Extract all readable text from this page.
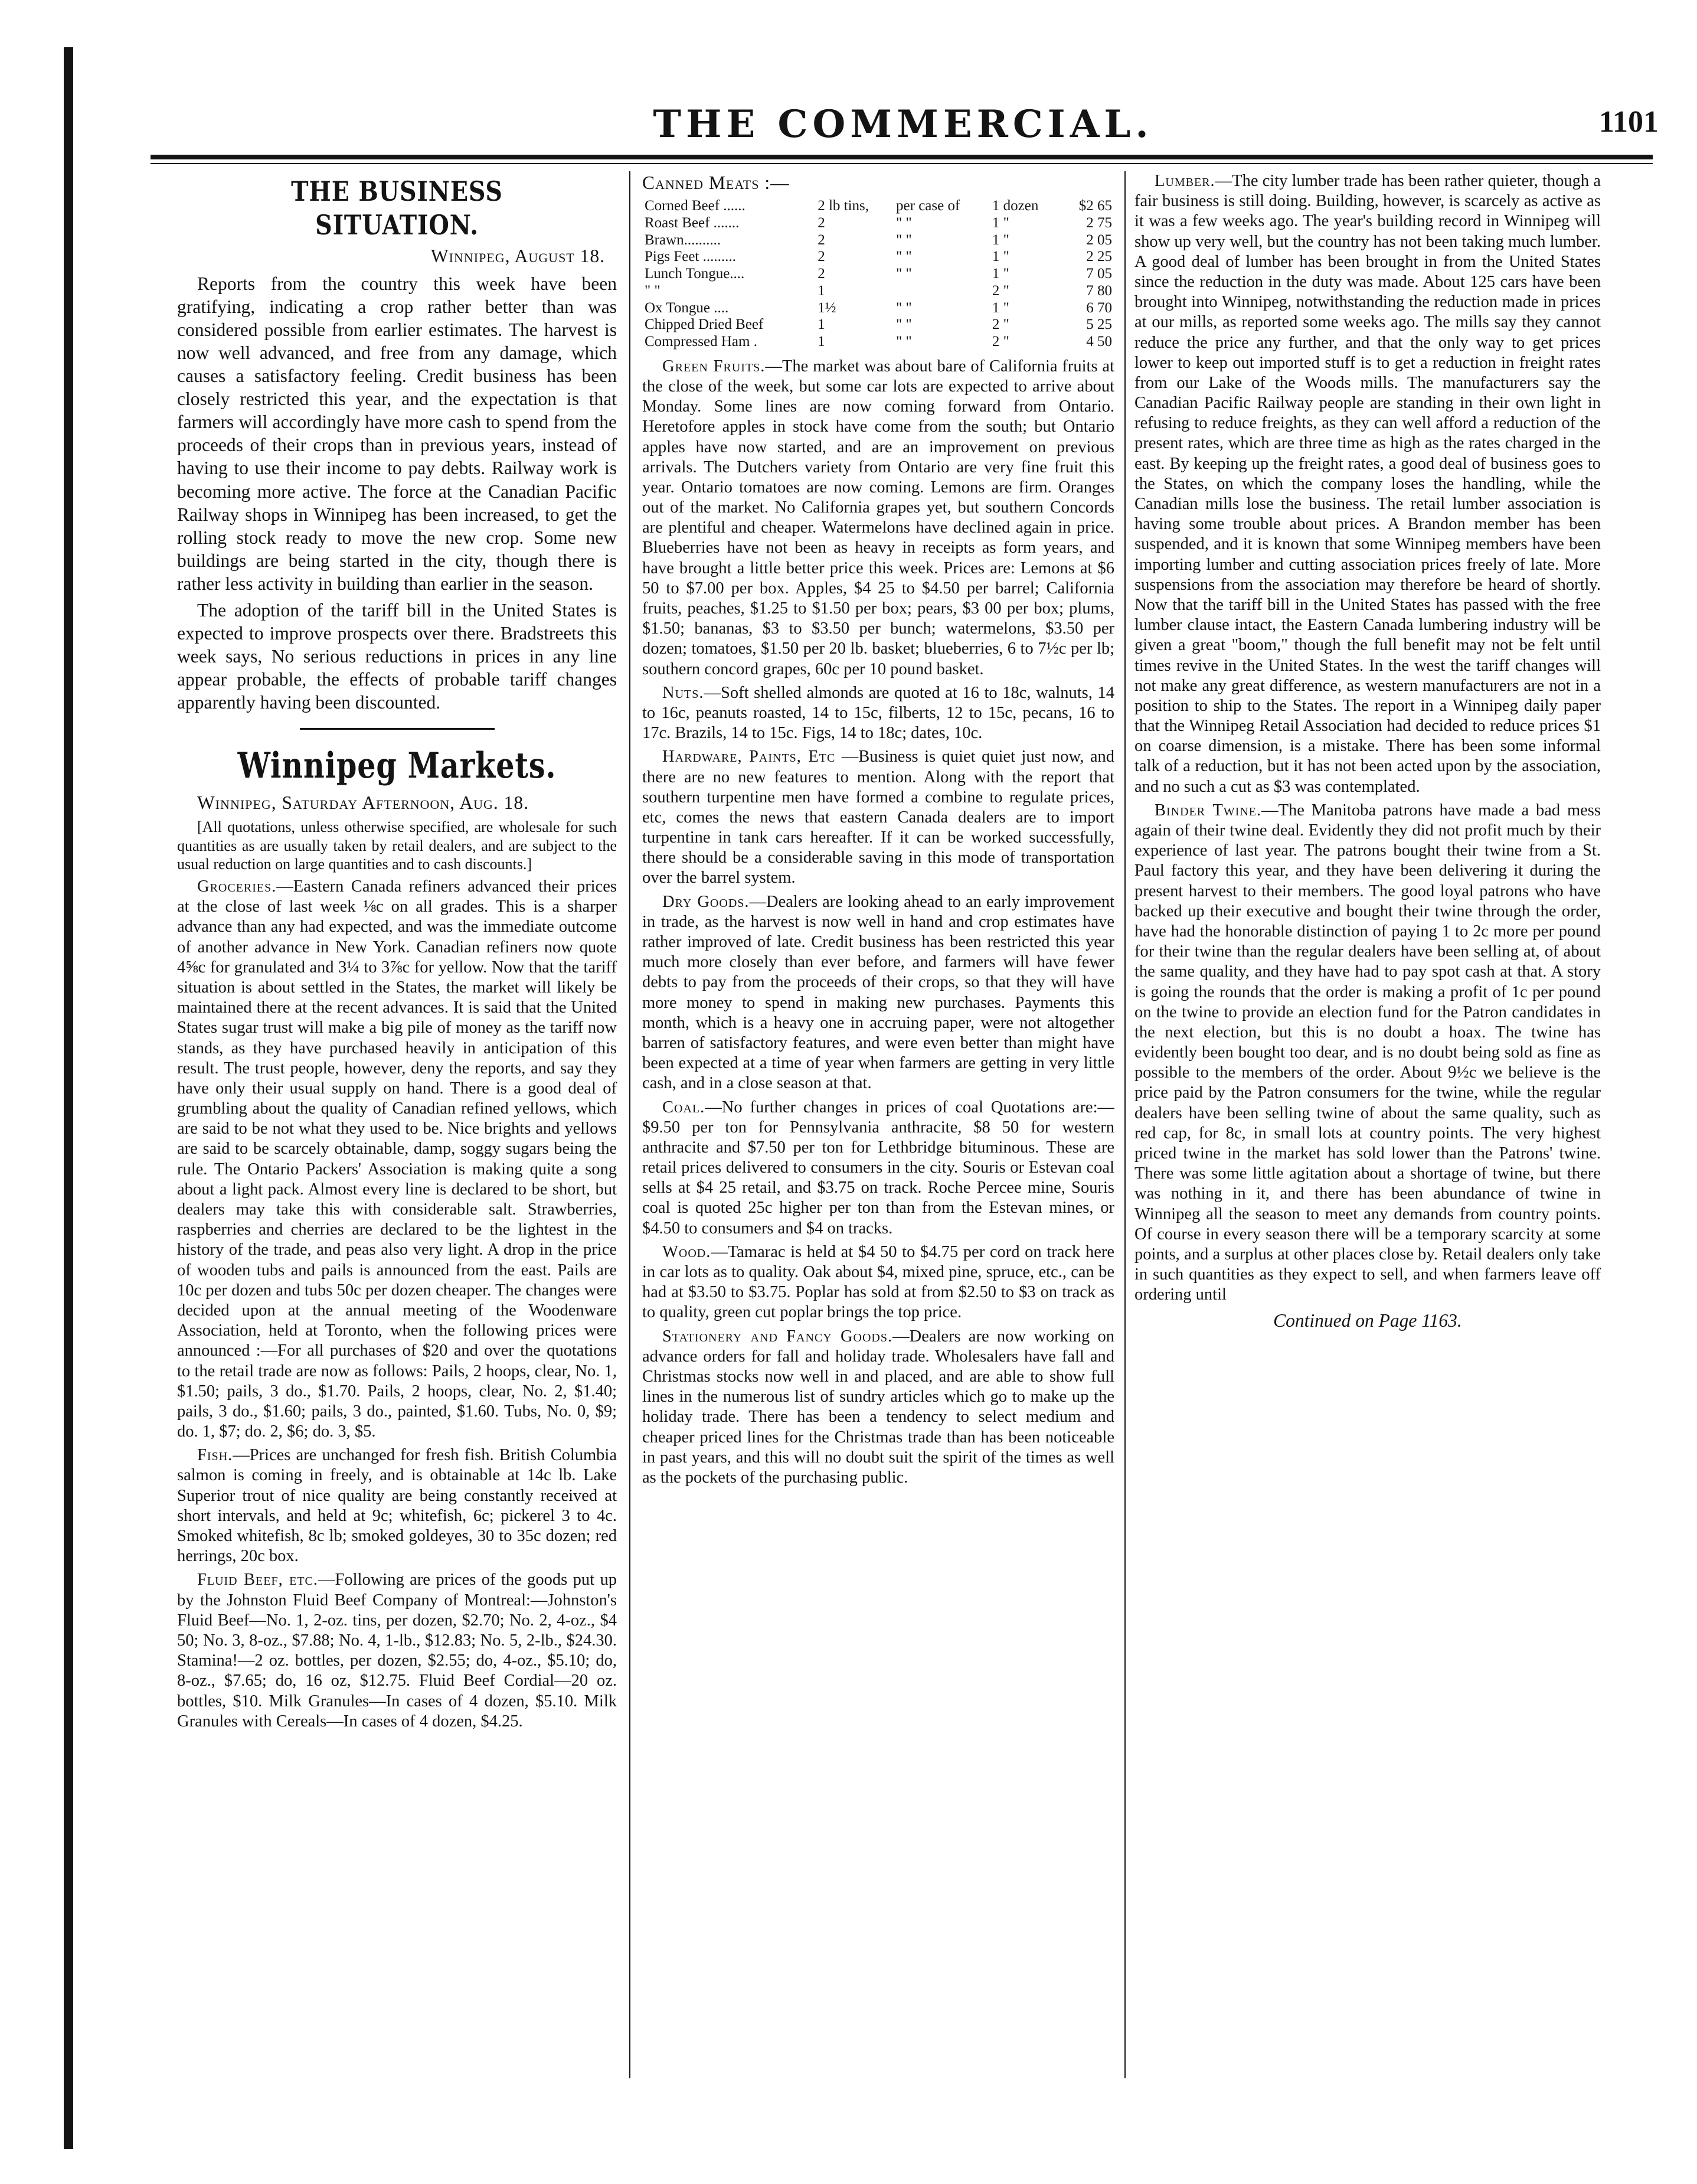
THE COMMERCIAL.	1101
THE BUSINESS SITUATION.
Winnipeg, August 18.

Reports from the country this week have been gratifying, indicating a crop rather better than was considered possible from earlier estimates. The harvest is now well advanced, and free from any damage, which causes a satisfactory feeling. Credit business has been closely restricted this year, and the expectation is that farmers will accordingly have more cash to spend from the proceeds of their crops than in previous years, instead of having to use their income to pay debts. Railway work is becoming more active. The force at the Canadian Pacific Railway shops in Winnipeg has been increased, to get the rolling stock ready to move the new crop. Some new buildings are being started in the city, though there is rather less activity in building than earlier in the season.

The adoption of the tariff bill in the United States is expected to improve prospects over there. Bradstreets this week says, No serious reductions in prices in any line appear probable, the effects of probable tariff changes apparently having been discounted.

Winnipeg Markets.

Winnipeg, Saturday Afternoon, Aug. 18.

[All quotations, unless otherwise specified, are wholesale for such quantities as are usually taken by retail dealers, and are subject to the usual reduction on large quantities and to cash discounts.]

Groceries.—Eastern Canada refiners advanced their prices at the close of last week ⅛c on all grades. This is a sharper advance than any had expected, and was the immediate outcome of another advance in New York. Canadian refiners now quote 4⅝c for granulated and 3¼ to 3⅞c for yellow. Now that the tariff situation is about settled in the States, the market will likely be maintained there at the recent advances. It is said that the United States sugar trust will make a big pile of money as the tariff now stands, as they have purchased heavily in anticipation of this result. The trust people, however, deny the reports, and say they have only their usual supply on hand. There is a good deal of grumbling about the quality of Canadian refined yellows, which are said to be not what they used to be. Nice brights and yellows are said to be scarcely obtainable, damp, soggy sugars being the rule. The Ontario Packers' Association is making quite a song about a light pack. Almost every line is declared to be short, but dealers may take this with considerable salt. Strawberries, raspberries and cherries are declared to be the lightest in the history of the trade, and peas also very light. A drop in the price of wooden tubs and pails is announced from the east. Pails are 10c per dozen and tubs 50c per dozen cheaper. The changes were decided upon at the annual meeting of the Woodenware Association, held at Toronto, when the following prices were announced :—For all purchases of $20 and over the quotations to the retail trade are now as follows: Pails, 2 hoops, clear, No. 1, $1.50; pails, 3 do., $1.70. Pails, 2 hoops, clear, No. 2, $1.40; pails, 3 do., $1.60; pails, 3 do., painted, $1.60. Tubs, No. 0, $9; do. 1, $7; do. 2, $6; do. 3, $5.

Fish.—Prices are unchanged for fresh fish. British Columbia salmon is coming in freely, and is obtainable at 14c lb. Lake Superior trout of nice quality are being constantly received at short intervals, and held at 9c; whitefish, 6c; pickerel 3 to 4c. Smoked whitefish, 8c lb; smoked goldeyes, 30 to 35c dozen; red herrings, 20c box.

Fluid Beef, etc.—Following are prices of the goods put up by the Johnston Fluid Beef Company of Montreal:—Johnston's Fluid Beef—No. 1, 2-oz. tins, per dozen, $2.70; No. 2, 4-oz., $4 50; No. 3, 8-oz., $7.88; No. 4, 1-lb., $12.83; No. 5, 2-lb., $24.30. Stamina!—2 oz. bottles, per dozen, $2.55; do, 4-oz., $5.10; do, 8-oz., $7.65; do, 16 oz, $12.75. Fluid Beef Cordial—20 oz. bottles, $10. Milk Granules—In cases of 4 dozen, $5.10. Milk Granules with Cereals—In cases of 4 dozen, $4.25.

Canned Meats :—

Corned Beef ......	2 lb tins,	per case of	1 dozen	$2 65
Roast Beef .......	2	" "	1 "	2 75
Brawn..........	2	" "	1 "	2 05
Pigs Feet .........	2	" "	1 "	2 25
Lunch Tongue....	2	" "	1 "	7 05
" "	1		2 "	7 80
Ox Tongue ....	1½	" "	1 "	6 70
Chipped Dried Beef	1	" "	2 "	5 25
Compressed Ham .	1	" "	2 "	4 50

Green Fruits.—The market was about bare of California fruits at the close of the week, but some car lots are expected to arrive about Monday. Some lines are now coming forward from Ontario. Heretofore apples in stock have come from the south; but Ontario apples have now started, and are an improvement on previous arrivals. The Dutchers variety from Ontario are very fine fruit this year. Ontario tomatoes are now coming. Lemons are firm. Oranges out of the market. No California grapes yet, but southern Concords are plentiful and cheaper. Watermelons have declined again in price. Blueberries have not been as heavy in receipts as form years, and have brought a little better price this week. Prices are: Lemons at $6 50 to $7.00 per box. Apples, $4 25 to $4.50 per barrel; California fruits, peaches, $1.25 to $1.50 per box; pears, $3 00 per box; plums, $1.50; bananas, $3 to $3.50 per bunch; watermelons, $3.50 per dozen; tomatoes, $1.50 per 20 lb. basket; blueberries, 6 to 7½c per lb; southern concord grapes, 60c per 10 pound basket.

Nuts.—Soft shelled almonds are quoted at 16 to 18c, walnuts, 14 to 16c, peanuts roasted, 14 to 15c, filberts, 12 to 15c, pecans, 16 to 17c. Brazils, 14 to 15c. Figs, 14 to 18c; dates, 10c.

Hardware, Paints, Etc —Business is quiet quiet just now, and there are no new features to mention. Along with the report that southern turpentine men have formed a combine to regulate prices, etc, comes the news that eastern Canada dealers are to import turpentine in tank cars hereafter. If it can be worked successfully, there should be a considerable saving in this mode of transportation over the barrel system.

Dry Goods.—Dealers are looking ahead to an early improvement in trade, as the harvest is now well in hand and crop estimates have rather improved of late. Credit business has been restricted this year much more closely than ever before, and farmers will have fewer debts to pay from the proceeds of their crops, so that they will have more money to spend in making new purchases. Payments this month, which is a heavy one in accruing paper, were not altogether barren of satisfactory features, and were even better than might have been expected at a time of year when farmers are getting in very little cash, and in a close season at that.

Coal.—No further changes in prices of coal Quotations are:—$9.50 per ton for Pennsylvania anthracite, $8 50 for western anthracite and $7.50 per ton for Lethbridge bituminous. These are retail prices delivered to consumers in the city. Souris or Estevan coal sells at $4 25 retail, and $3.75 on track. Roche Percee mine, Souris coal is quoted 25c higher per ton than from the Estevan mines, or $4.50 to consumers and $4 on tracks.

Wood.—Tamarac is held at $4 50 to $4.75 per cord on track here in car lots as to quality. Oak about $4, mixed pine, spruce, etc., can be had at $3.50 to $3.75. Poplar has sold at from $2.50 to $3 on track as to quality, green cut poplar brings the top price.

Stationery and Fancy Goods.—Dealers are now working on advance orders for fall and holiday trade. Wholesalers have fall and Christmas stocks now well in and placed, and are able to show full lines in the numerous list of sundry articles which go to make up the holiday trade. There has been a tendency to select medium and cheaper priced lines for the Christmas trade than has been noticeable in past years, and this will no doubt suit the spirit of the times as well as the pockets of the purchasing public.

Lumber.—The city lumber trade has been rather quieter, though a fair business is still doing. Building, however, is scarcely as active as it was a few weeks ago. The year's building record in Winnipeg will show up very well, but the country has not been taking much lumber. A good deal of lumber has been brought in from the United States since the reduction in the duty was made. About 125 cars have been brought into Winnipeg, notwithstanding the reduction made in prices at our mills, as reported some weeks ago. The mills say they cannot reduce the price any further, and that the only way to get prices lower to keep out imported stuff is to get a reduction in freight rates from our Lake of the Woods mills. The manufacturers say the Canadian Pacific Railway people are standing in their own light in refusing to reduce freights, as they can well afford a reduction of the present rates, which are three time as high as the rates charged in the east. By keeping up the freight rates, a good deal of business goes to the States, on which the company loses the handling, while the Canadian mills lose the business. The retail lumber association is having some trouble about prices. A Brandon member has been suspended, and it is known that some Winnipeg members have been importing lumber and cutting association prices freely of late. More suspensions from the association may therefore be heard of shortly. Now that the tariff bill in the United States has passed with the free lumber clause intact, the Eastern Canada lumbering industry will be given a great "boom," though the full benefit may not be felt until times revive in the United States. In the west the tariff changes will not make any great difference, as western manufacturers are not in a position to ship to the States. The report in a Winnipeg daily paper that the Winnipeg Retail Association had decided to reduce prices $1 on coarse dimension, is a mistake. There has been some informal talk of a reduction, but it has not been acted upon by the association, and no such a cut as $3 was contemplated.

Binder Twine.—The Manitoba patrons have made a bad mess again of their twine deal. Evidently they did not profit much by their experience of last year. The patrons bought their twine from a St. Paul factory this year, and they have been delivering it during the present harvest to their members. The good loyal patrons who have backed up their executive and bought their twine through the order, have had the honorable distinction of paying 1 to 2c more per pound for their twine than the regular dealers have been selling at, of about the same quality, and they have had to pay spot cash at that. A story is going the rounds that the order is making a profit of 1c per pound on the twine to provide an election fund for the Patron candidates in the next election, but this is no doubt a hoax. The twine has evidently been bought too dear, and is no doubt being sold as fine as possible to the members of the order. About 9½c we believe is the price paid by the Patron consumers for the twine, while the regular dealers have been selling twine of about the same quality, such as red cap, for 8c, in small lots at country points. The very highest priced twine in the market has sold lower than the Patrons' twine. There was some little agitation about a shortage of twine, but there was nothing in it, and there has been abundance of twine in Winnipeg all the season to meet any demands from country points. Of course in every season there will be a temporary scarcity at some points, and a surplus at other places close by. Retail dealers only take in such quantities as they expect to sell, and when farmers leave off ordering until

Continued on Page 1163.
